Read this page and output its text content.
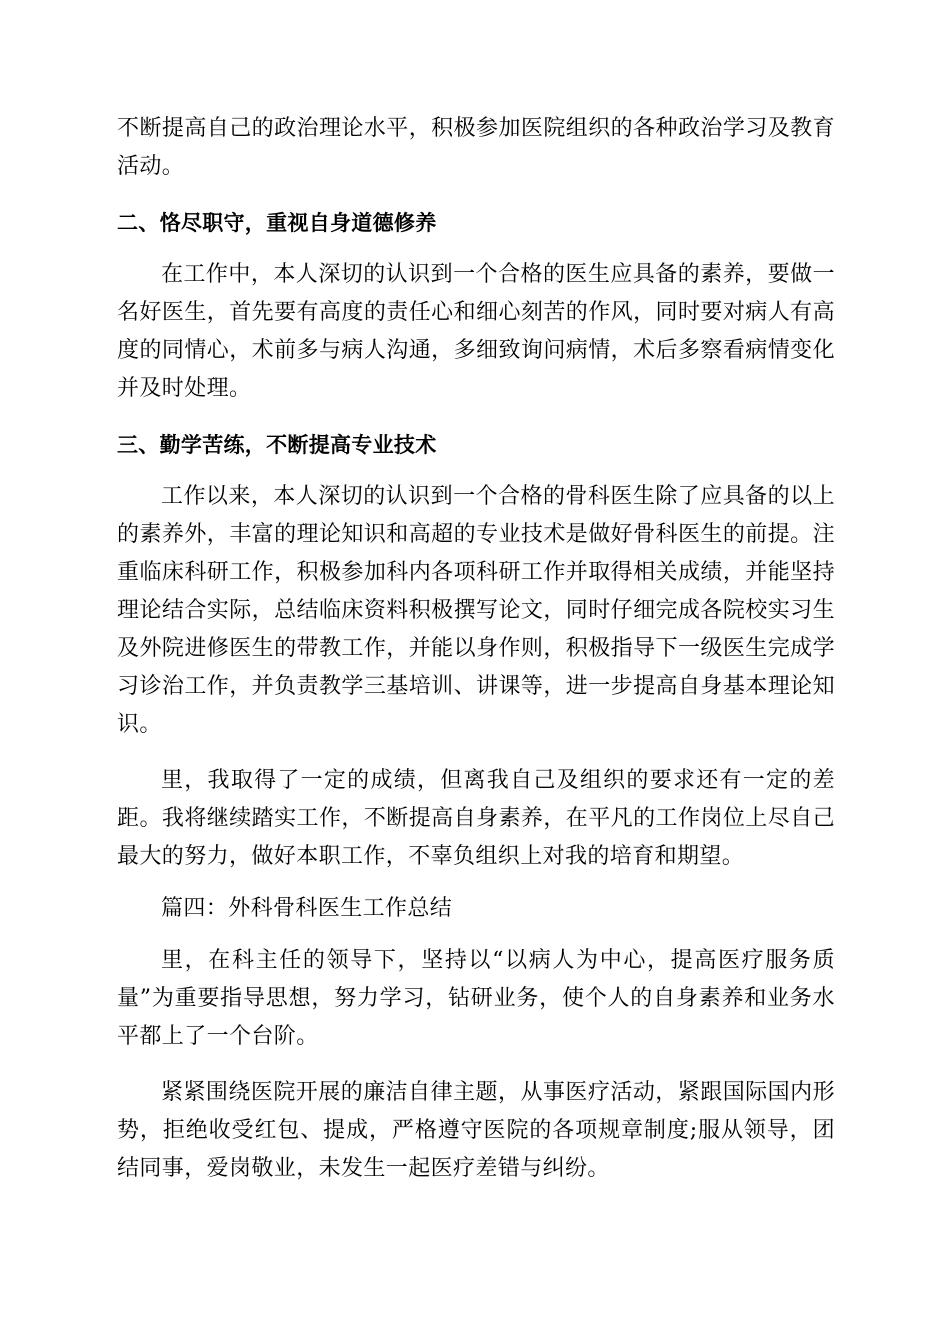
不断提高自己的政治理论水平，积极参加医院组织的各种政治学习及教育活动。

二、恪尽职守，重视自身道德修养

在工作中，本人深切的认识到一个合格的医生应具备的素养，要做一名好医生，首先要有高度的责任心和细心刻苦的作风，同时要对病人有高度的同情心，术前多与病人沟通，多细致询问病情，术后多察看病情变化并及时处理。

三、勤学苦练，不断提高专业技术

工作以来，本人深切的认识到一个合格的骨科医生除了应具备的以上的素养外，丰富的理论知识和高超的专业技术是做好骨科医生的前提。注重临床科研工作，积极参加科内各项科研工作并取得相关成绩，并能坚持理论结合实际，总结临床资料积极撰写论文，同时仔细完成各院校实习生及外院进修医生的带教工作，并能以身作则，积极指导下一级医生完成学习诊治工作，并负责教学三基培训、讲课等，进一步提高自身基本理论知识。

里，我取得了一定的成绩，但离我自己及组织的要求还有一定的差距。我将继续踏实工作，不断提高自身素养，在平凡的工作岗位上尽自己最大的努力，做好本职工作，不辜负组织上对我的培育和期望。

篇四：外科骨科医生工作总结

里，在科主任的领导下，坚持以“以病人为中心，提高医疗服务质量”为重要指导思想，努力学习，钻研业务，使个人的自身素养和业务水平都上了一个台阶。

紧紧围绕医院开展的廉洁自律主题，从事医疗活动，紧跟国际国内形势，拒绝收受红包、提成，严格遵守医院的各项规章制度;服从领导，团结同事，爱岗敬业，未发生一起医疗差错与纠纷。
